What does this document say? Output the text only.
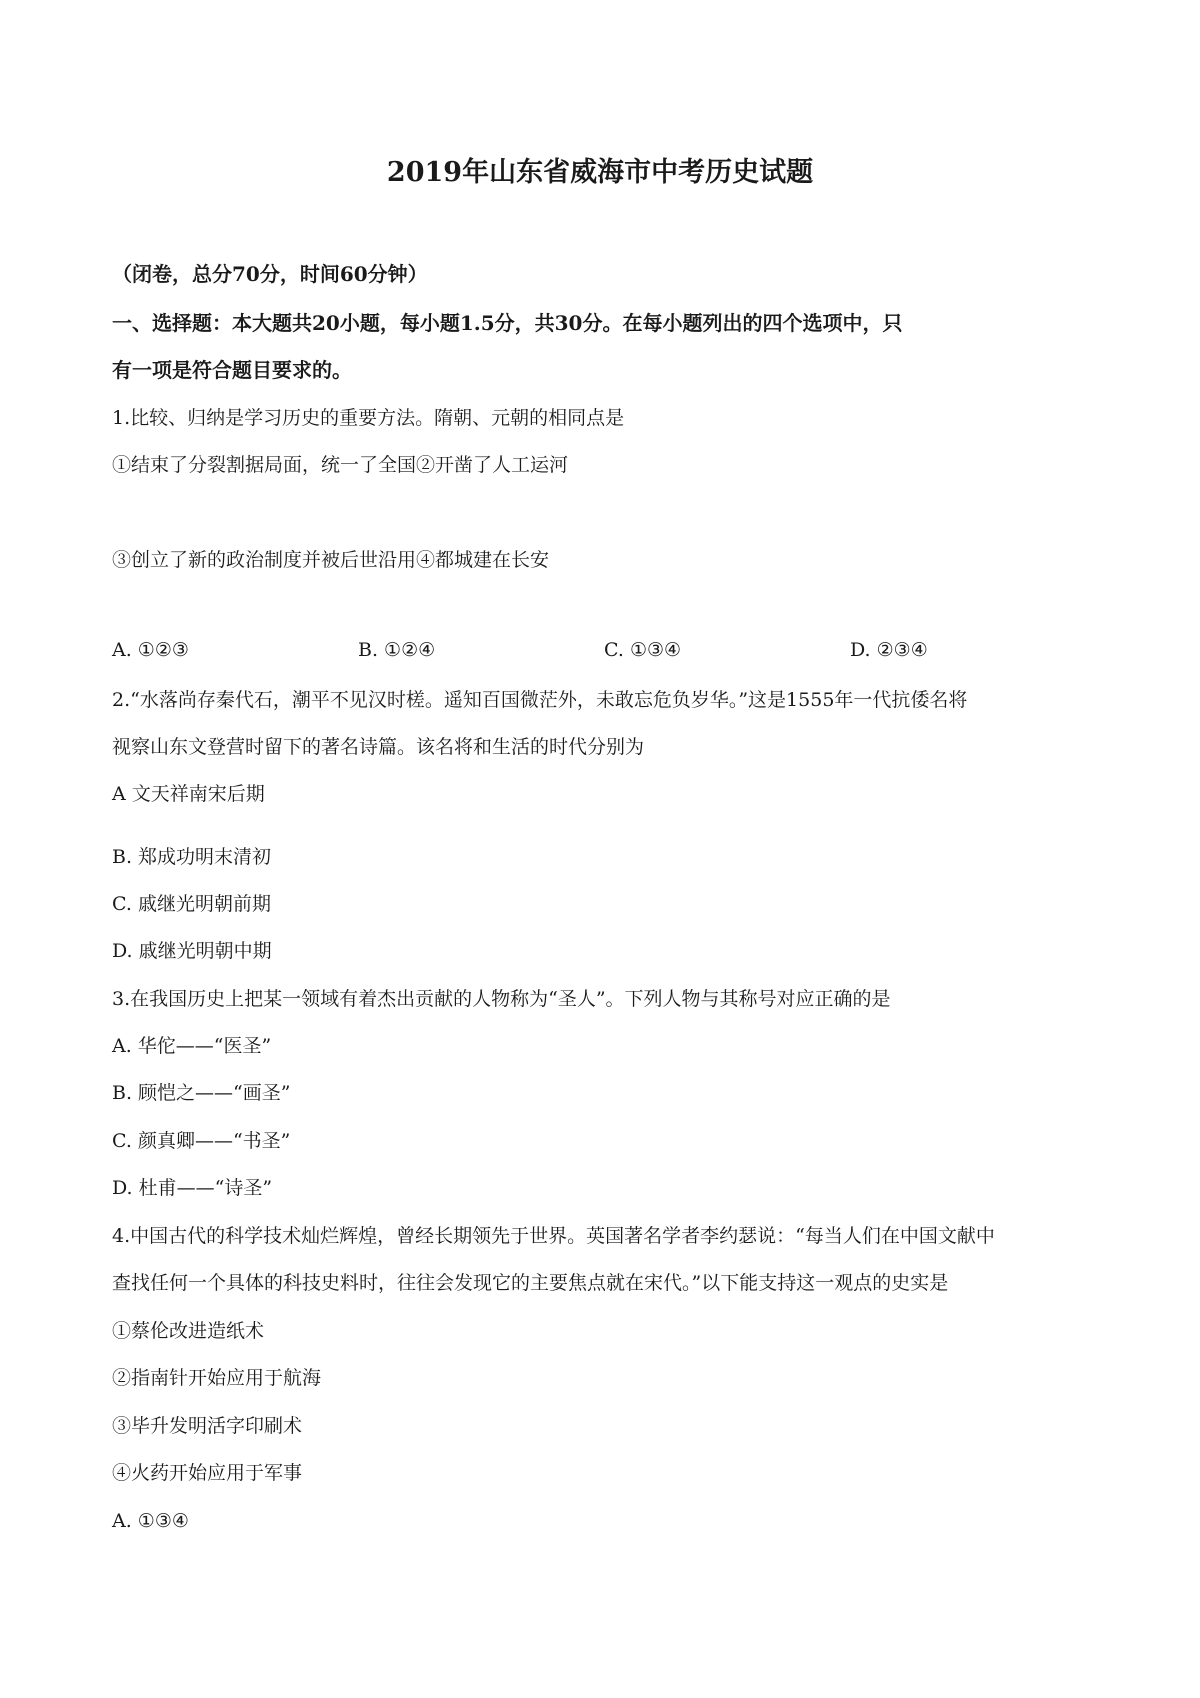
2019年山东省威海市中考历史试题
（闭卷，总分70分，时间60分钟）
一、选择题：本大题共20小题，每小题1.5分，共30分。在每小题列出的四个选项中，只
有一项是符合题目要求的。
1.比较、归纳是学习历史的重要方法。隋朝、元朝的相同点是
①结束了分裂割据局面，统一了全国②开凿了人工运河
③创立了新的政治制度并被后世沿用④都城建在长安
A. ①②③	B. ①②④	C. ①③④	D. ②③④
2.“水落尚存秦代石，潮平不见汉时槎。遥知百国微茫外，未敢忘危负岁华。”这是1555年一代抗倭名将
视察山东文登营时留下的著名诗篇。该名将和生活的时代分别为
A 文天祥南宋后期
B. 郑成功明末清初
C. 戚继光明朝前期
D. 戚继光明朝中期
3.在我国历史上把某一领域有着杰出贡献的人物称为“圣人”。下列人物与其称号对应正确的是
A. 华佗——“医圣”
B. 顾恺之——“画圣”
C. 颜真卿——“书圣”
D. 杜甫——“诗圣”
4.中国古代的科学技术灿烂辉煌，曾经长期领先于世界。英国著名学者李约瑟说：“每当人们在中国文献中
查找任何一个具体的科技史料时，往往会发现它的主要焦点就在宋代。”以下能支持这一观点的史实是
①蔡伦改进造纸术
②指南针开始应用于航海
③毕升发明活字印刷术
④火药开始应用于军事
A. ①③④
